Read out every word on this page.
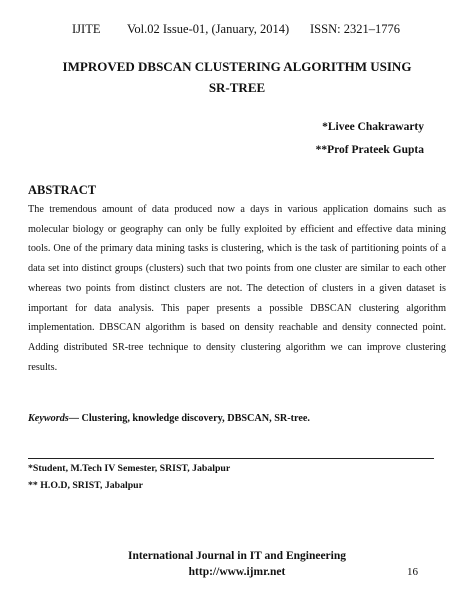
IJITE Vol.02 Issue-01, (January, 2014) ISSN: 2321–1776
IMPROVED DBSCAN CLUSTERING ALGORITHM USING
SR-TREE
*Livee Chakrawarty
**Prof Prateek Gupta
ABSTRACT
The tremendous amount of data produced now a days in various application domains such as molecular biology or geography can only be fully exploited by efficient and effective data mining tools. One of the primary data mining tasks is clustering, which is the task of partitioning points of a data set into distinct groups (clusters) such that two points from one cluster are similar to each other whereas two points from distinct clusters are not. The detection of clusters in a given dataset is important for data analysis. This paper presents a possible DBSCAN clustering algorithm implementation. DBSCAN algorithm is based on density reachable and density connected point. Adding distributed SR-tree technique to density clustering algorithm we can improve clustering results.
Keywords— Clustering, knowledge discovery, DBSCAN, SR-tree.
*Student, M.Tech IV Semester, SRIST, Jabalpur
** H.O.D, SRIST, Jabalpur
International Journal in IT and Engineering
http://www.ijmr.net	16
